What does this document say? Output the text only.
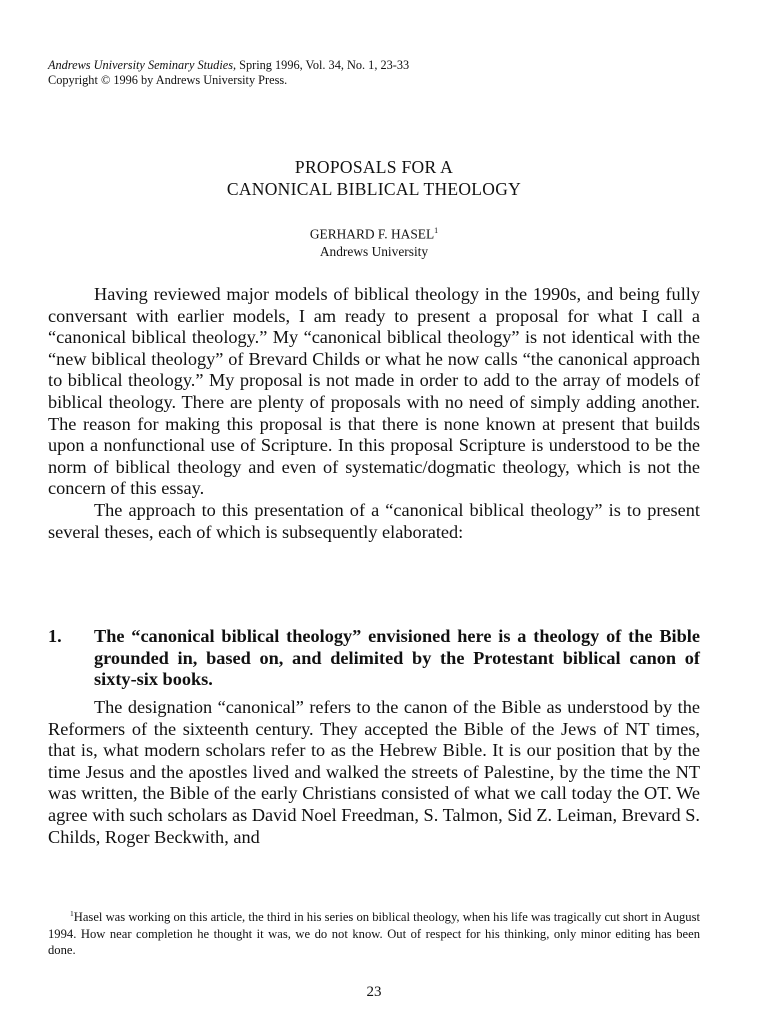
Andrews University Seminary Studies, Spring 1996, Vol. 34, No. 1, 23-33
Copyright © 1996 by Andrews University Press.
PROPOSALS FOR A
CANONICAL BIBLICAL THEOLOGY
GERHARD F. HASEL$^1$
Andrews University

Having reviewed major models of biblical theology in the 1990s, and being fully conversant with earlier models, I am ready to present a proposal for what I call a “canonical biblical theology.” My “canonical biblical theology” is not identical with the “new biblical theology” of Brevard Childs or what he now calls “the canonical approach to biblical theology.” My proposal is not made in order to add to the array of models of biblical theology. There are plenty of proposals with no need of simply adding another. The reason for making this proposal is that there is none known at present that builds upon a nonfunctional use of Scripture. In this proposal Scripture is understood to be the norm of biblical theology and even of systematic/dogmatic theology, which is not the concern of this essay.

The approach to this presentation of a “canonical biblical theology” is to present several theses, each of which is subsequently elaborated:

1. The “canonical biblical theology” envisioned here is a theology of the Bible grounded in, based on, and delimited by the Protestant biblical canon of sixty-six books.

The designation “canonical” refers to the canon of the Bible as understood by the Reformers of the sixteenth century. They accepted the Bible of the Jews of NT times, that is, what modern scholars refer to as the Hebrew Bible. It is our position that by the time Jesus and the apostles lived and walked the streets of Palestine, by the time the NT was written, the Bible of the early Christians consisted of what we call today the OT. We agree with such scholars as David Noel Freedman, S. Talmon, Sid Z. Leiman, Brevard S. Childs, Roger Beckwith, and

$^1$Hasel was working on this article, the third in his series on biblical theology, when his life was tragically cut short in August 1994. How near completion he thought it was, we do not know. Out of respect for his thinking, only minor editing has been done.

23
